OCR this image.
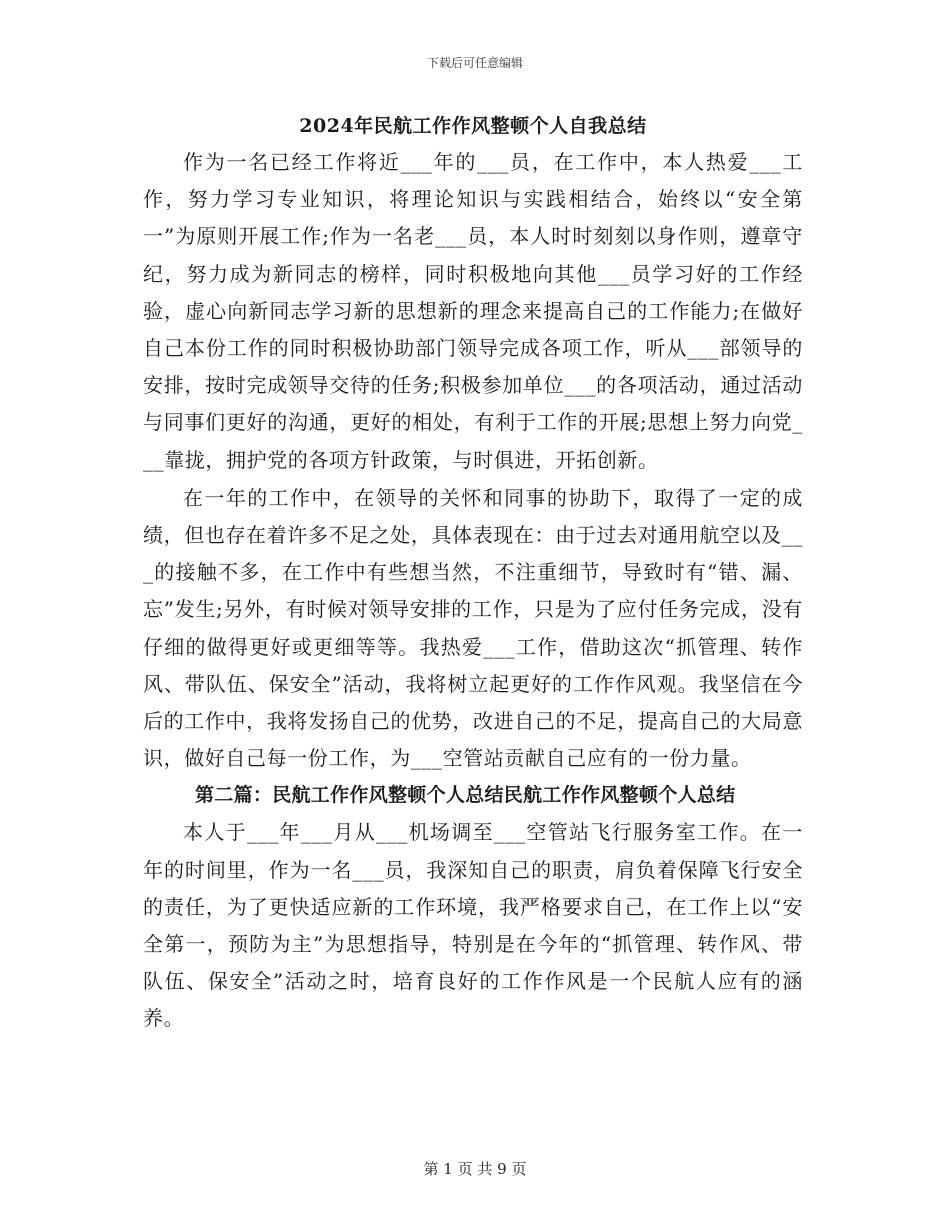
下载后可任意编辑
2024年民航工作作风整顿个人自我总结

作为一名已经工作将近___年的___员，在工作中，本人热爱___工作，努力学习专业知识，将理论知识与实践相结合，始终以“安全第一”为原则开展工作;作为一名老___员，本人时时刻刻以身作则，遵章守纪，努力成为新同志的榜样，同时积极地向其他___员学习好的工作经验，虚心向新同志学习新的思想新的理念来提高自己的工作能力;在做好自己本份工作的同时积极协助部门领导完成各项工作，听从___部领导的安排，按时完成领导交待的任务;积极参加单位___的各项活动，通过活动与同事们更好的沟通，更好的相处，有利于工作的开展;思想上努力向党___靠拢，拥护党的各项方针政策，与时俱进，开拓创新。

在一年的工作中，在领导的关怀和同事的协助下，取得了一定的成绩，但也存在着许多不足之处，具体表现在：由于过去对通用航空以及___的接触不多，在工作中有些想当然，不注重细节，导致时有“错、漏、忘”发生;另外，有时候对领导安排的工作，只是为了应付任务完成，没有仔细的做得更好或更细等等。我热爱___工作，借助这次“抓管理、转作风、带队伍、保安全”活动，我将树立起更好的工作作风观。我坚信在今后的工作中，我将发扬自己的优势，改进自己的不足，提高自己的大局意识，做好自己每一份工作，为___空管站贡献自己应有的一份力量。

第二篇：民航工作作风整顿个人总结民航工作作风整顿个人总结

本人于___年___月从___机场调至___空管站飞行服务室工作。在一年的时间里，作为一名___员，我深知自己的职责，肩负着保障飞行安全的责任，为了更快适应新的工作环境，我严格要求自己，在工作上以“安全第一，预防为主”为思想指导，特别是在今年的“抓管理、转作风、带队伍、保安全”活动之时，培育良好的工作作风是一个民航人应有的涵养。

第 1 页 共 9 页
